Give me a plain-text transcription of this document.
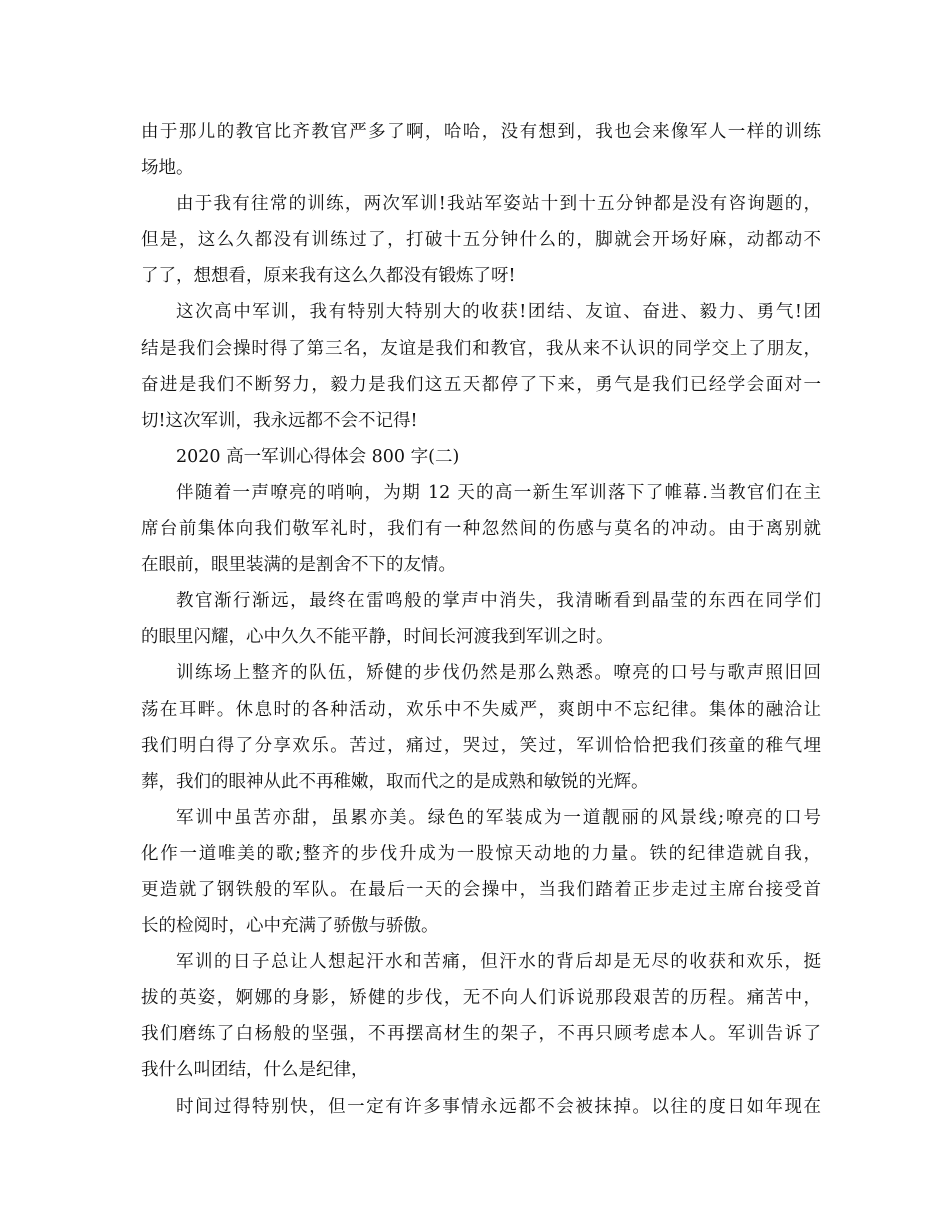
由于那儿的教官比齐教官严多了啊，哈哈，没有想到，我也会来像军人一样的训练
场地。
由于我有往常的训练，两次军训!我站军姿站十到十五分钟都是没有咨询题的，
但是，这么久都没有训练过了，打破十五分钟什么的，脚就会开场好麻，动都动不
了了，想想看，原来我有这么久都没有锻炼了呀!
这次高中军训，我有特别大特别大的收获!团结、友谊、奋进、毅力、勇气!团
结是我们会操时得了第三名，友谊是我们和教官，我从来不认识的同学交上了朋友，
奋进是我们不断努力，毅力是我们这五天都停了下来，勇气是我们已经学会面对一
切!这次军训，我永远都不会不记得!
2020 高一军训心得体会 800 字(二)
伴随着一声嘹亮的哨响，为期 12 天的高一新生军训落下了帷幕.当教官们在主
席台前集体向我们敬军礼时，我们有一种忽然间的伤感与莫名的冲动。由于离别就
在眼前，眼里装满的是割舍不下的友情。
教官渐行渐远，最终在雷鸣般的掌声中消失，我清晰看到晶莹的东西在同学们
的眼里闪耀，心中久久不能平静，时间长河渡我到军训之时。
训练场上整齐的队伍，矫健的步伐仍然是那么熟悉。嘹亮的口号与歌声照旧回
荡在耳畔。休息时的各种活动，欢乐中不失威严，爽朗中不忘纪律。集体的融洽让
我们明白得了分享欢乐。苦过，痛过，哭过，笑过，军训恰恰把我们孩童的稚气埋
葬，我们的眼神从此不再稚嫩，取而代之的是成熟和敏锐的光辉。
军训中虽苦亦甜，虽累亦美。绿色的军装成为一道靓丽的风景线;嘹亮的口号
化作一道唯美的歌;整齐的步伐升成为一股惊天动地的力量。铁的纪律造就自我，
更造就了钢铁般的军队。在最后一天的会操中，当我们踏着正步走过主席台接受首
长的检阅时，心中充满了骄傲与骄傲。
军训的日子总让人想起汗水和苦痛，但汗水的背后却是无尽的收获和欢乐，挺
拔的英姿，婀娜的身影，矫健的步伐，无不向人们诉说那段艰苦的历程。痛苦中，
我们磨练了白杨般的坚强，不再摆高材生的架子，不再只顾考虑本人。军训告诉了
我什么叫团结，什么是纪律，
时间过得特别快，但一定有许多事情永远都不会被抹掉。以往的度日如年现在
